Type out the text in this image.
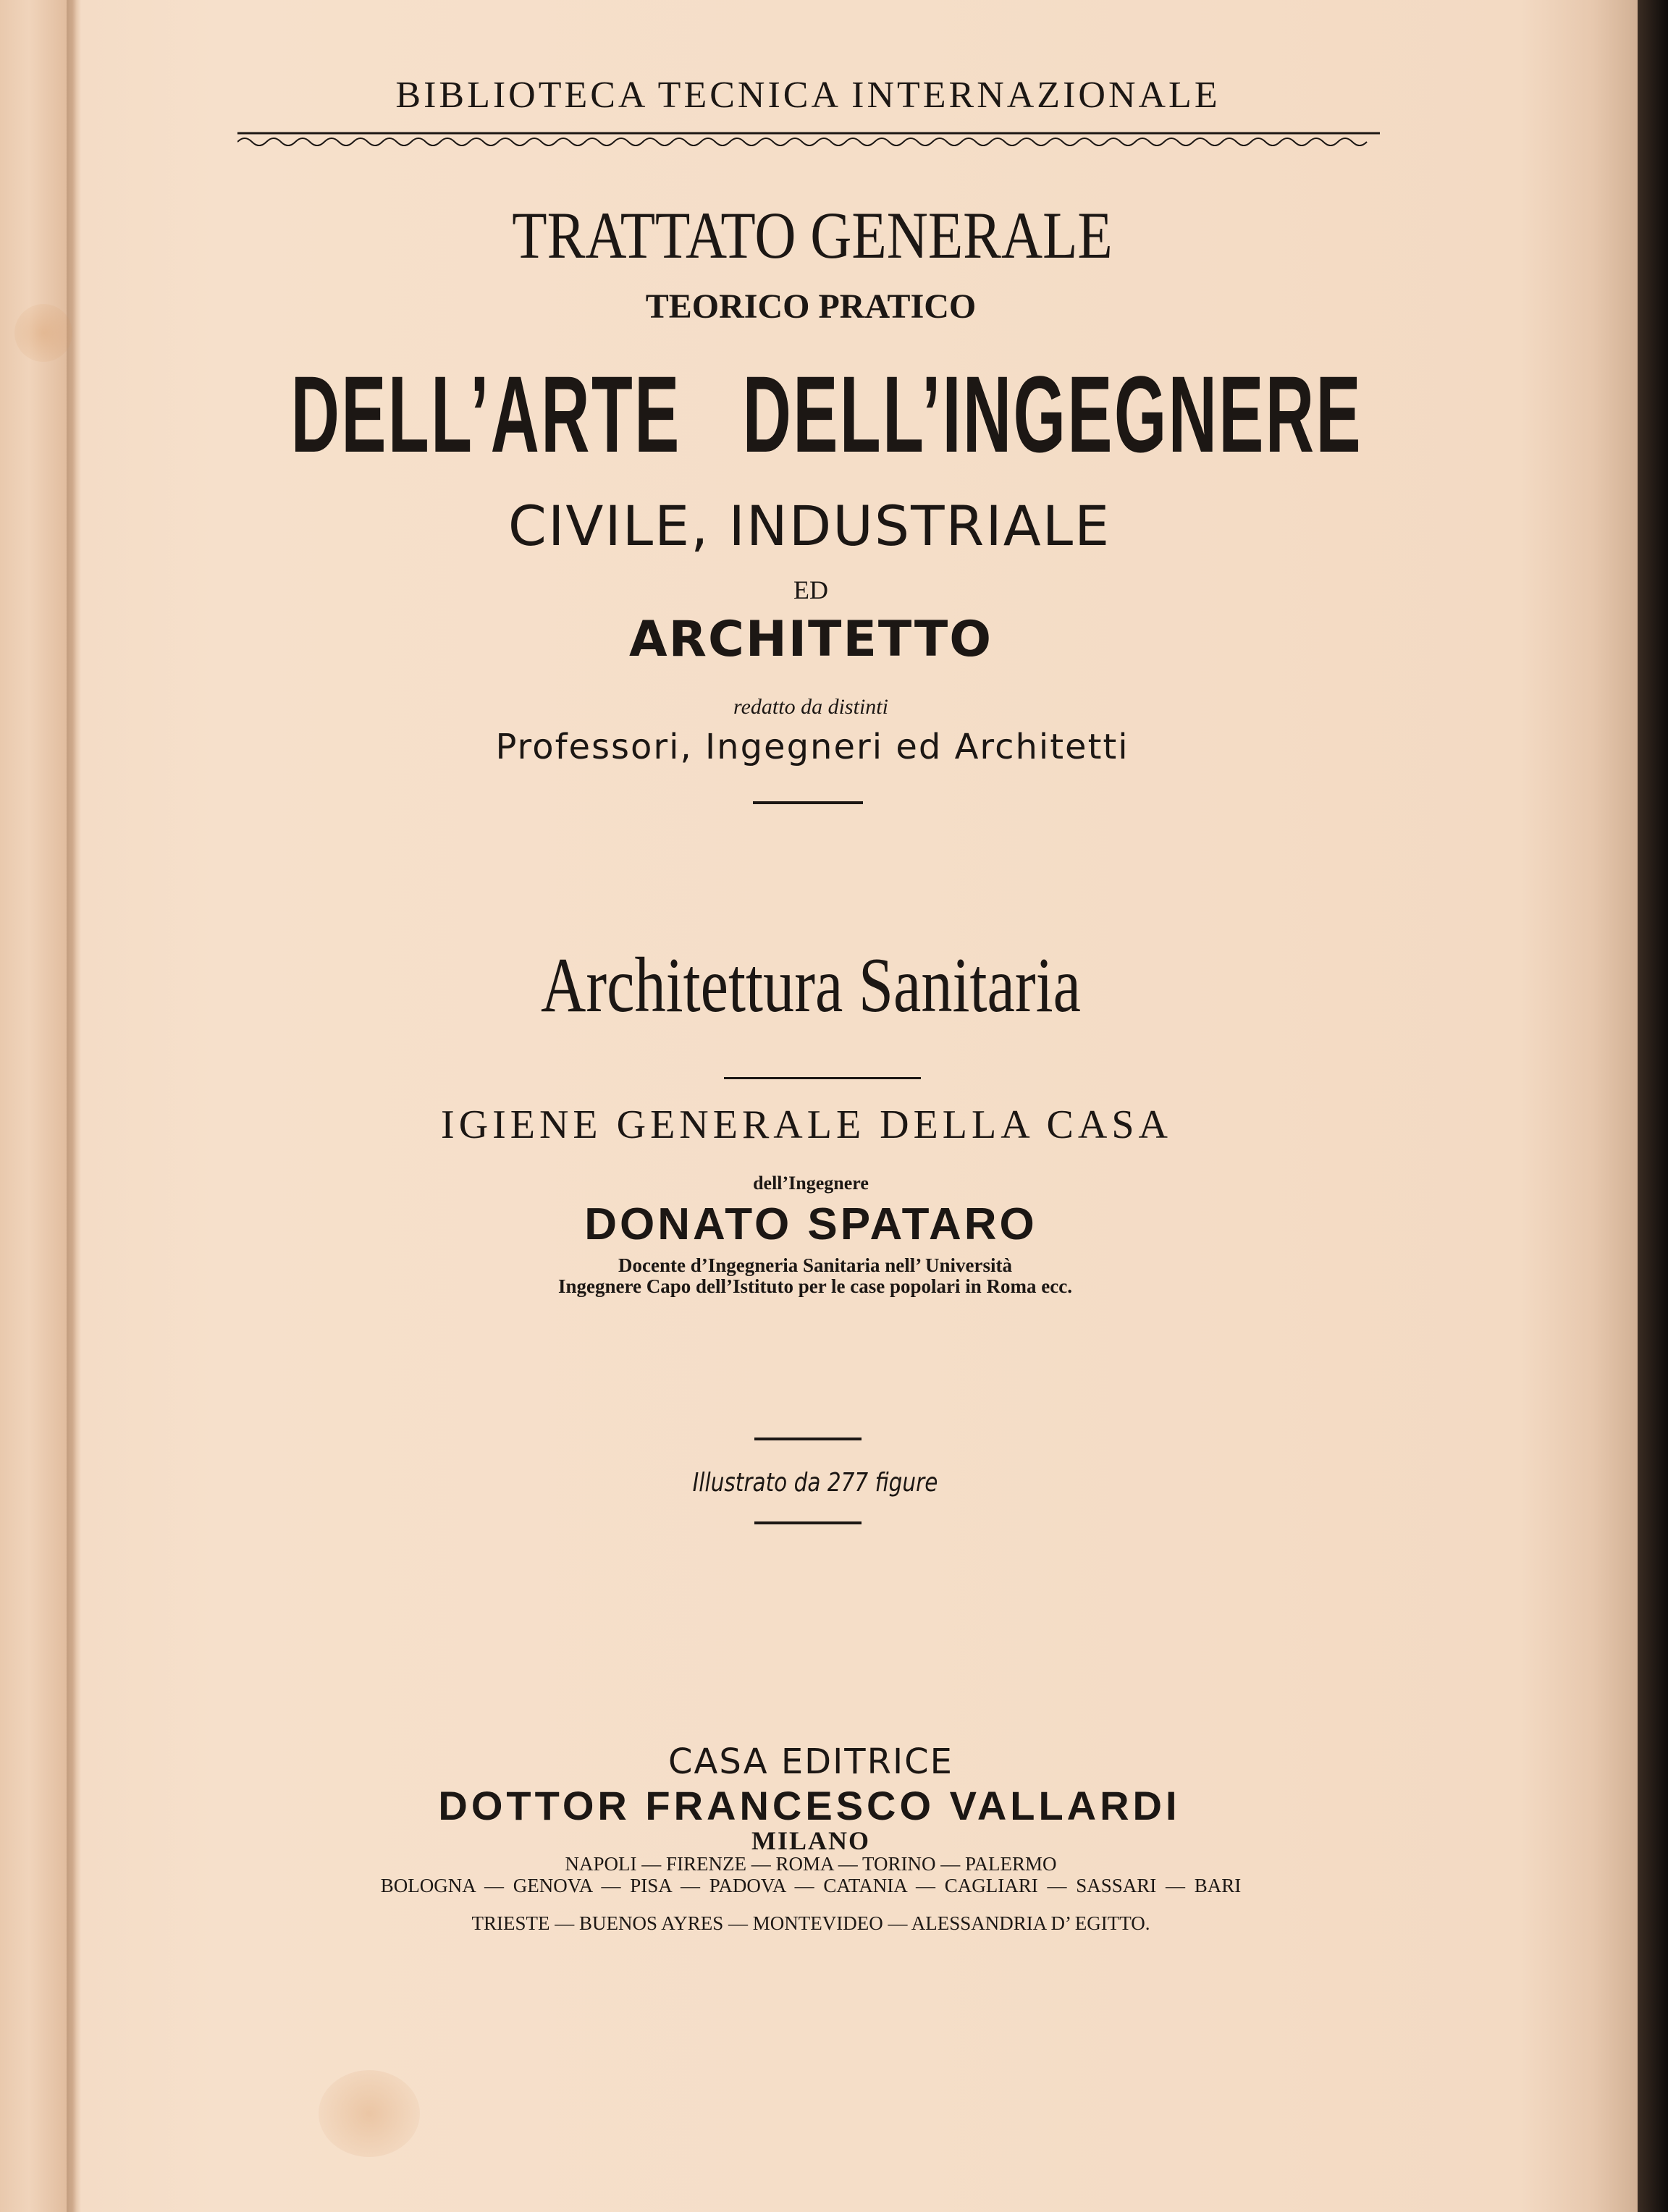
BIBLIOTECA TECNICA INTERNAZIONALE
TRATTATO GENERALE
TEORICO PRATICO
DELL’ARTE   DELL’INGEGNERE
CIVILE, INDUSTRIALE
ED
ARCHITETTO
redatto da distinti
Professori, Ingegneri ed Architetti
Architettura Sanitaria
IGIENE GENERALE DELLA CASA
dell’Ingegnere
DONATO SPATARO
Docente d’Ingegneria Sanitaria nell’ Università
Ingegnere Capo dell’Istituto per le case popolari in Roma ecc.
Illustrato da 277 figure
CASA EDITRICE
DOTTOR FRANCESCO VALLARDI
MILANO
NAPOLI — FIRENZE — ROMA — TORINO — PALERMO
BOLOGNA — GENOVA — PISA — PADOVA — CATANIA — CAGLIARI — SASSARI — BARI
TRIESTE — BUENOS AYRES — MONTEVIDEO — ALESSANDRIA D’ EGITTO.
